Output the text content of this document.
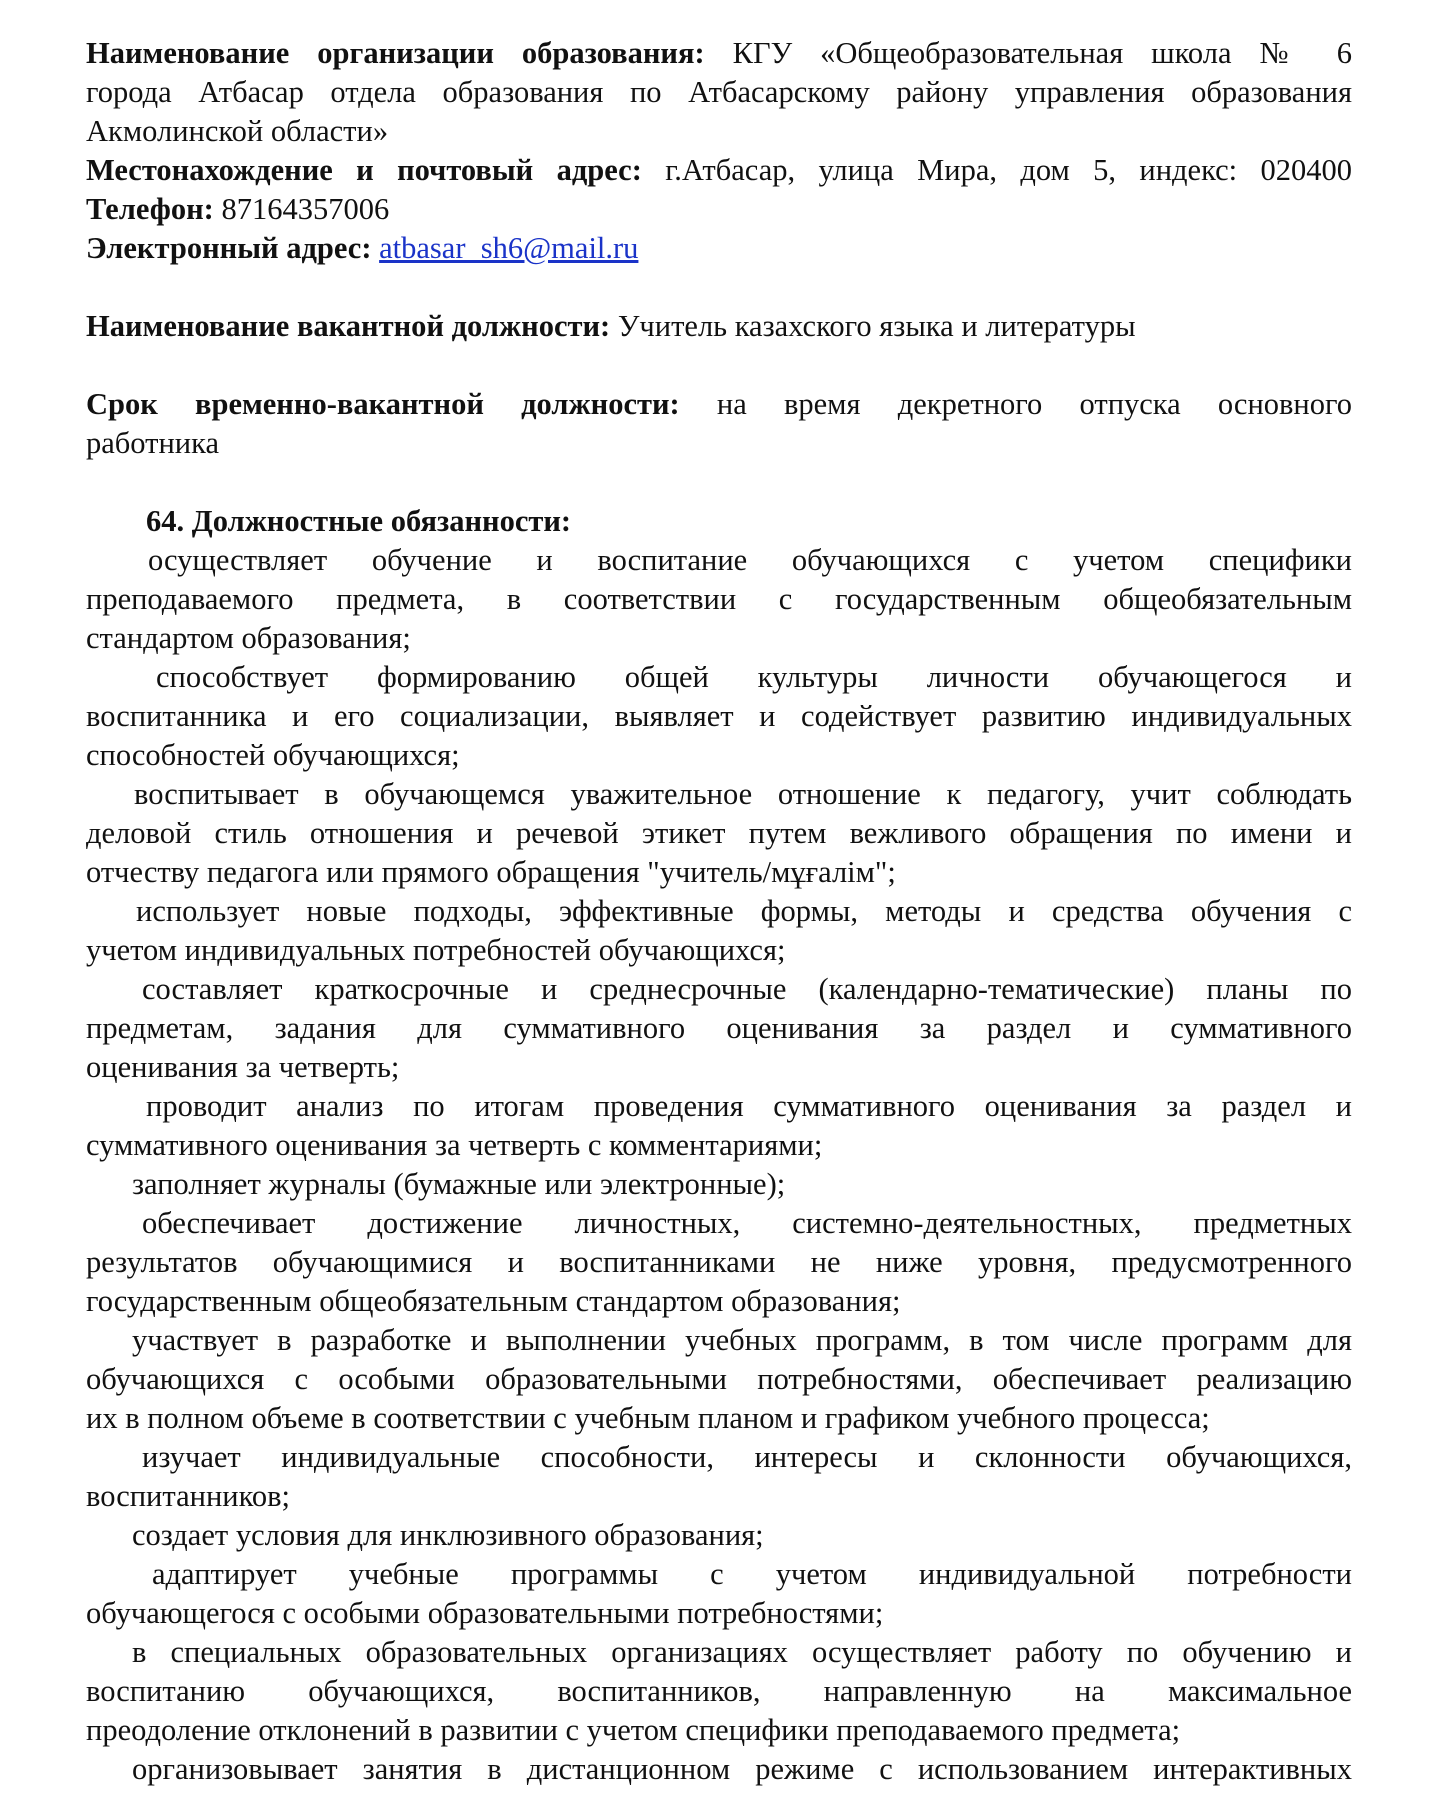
Наименование организации образования: КГУ «Общеобразовательная школа № 6
города Атбасар отдела образования по Атбасарскому району управления образования
Акмолинской области»
Местонахождение и почтовый адрес: г.Атбасар, улица Мира, дом 5, индекс: 020400
Телефон: 87164357006
Электронный адрес: atbasar_sh6@mail.ru
Наименование вакантной должности: Учитель казахского языка и литературы
Срок временно-вакантной должности: на время декретного отпуска основного
работника
64. Должностные обязанности:
осуществляет обучение и воспитание обучающихся с учетом специфики
преподаваемого предмета, в соответствии с государственным общеобязательным
стандартом образования;
способствует формированию общей культуры личности обучающегося и
воспитанника и его социализации, выявляет и содействует развитию индивидуальных
способностей обучающихся;
воспитывает в обучающемся уважительное отношение к педагогу, учит соблюдать
деловой стиль отношения и речевой этикет путем вежливого обращения по имени и
отчеству педагога или прямого обращения "учитель/мұғалім";
использует новые подходы, эффективные формы, методы и средства обучения с
учетом индивидуальных потребностей обучающихся;
составляет краткосрочные и среднесрочные (календарно-тематические) планы по
предметам, задания для суммативного оценивания за раздел и суммативного
оценивания за четверть;
проводит анализ по итогам проведения суммативного оценивания за раздел и
суммативного оценивания за четверть с комментариями;
заполняет журналы (бумажные или электронные);
обеспечивает достижение личностных, системно-деятельностных, предметных
результатов обучающимися и воспитанниками не ниже уровня, предусмотренного
государственным общеобязательным стандартом образования;
участвует в разработке и выполнении учебных программ, в том числе программ для
обучающихся с особыми образовательными потребностями, обеспечивает реализацию
их в полном объеме в соответствии с учебным планом и графиком учебного процесса;
изучает индивидуальные способности, интересы и склонности обучающихся,
воспитанников;
создает условия для инклюзивного образования;
адаптирует учебные программы с учетом индивидуальной потребности
обучающегося с особыми образовательными потребностями;
в специальных образовательных организациях осуществляет работу по обучению и
воспитанию обучающихся, воспитанников, направленную на максимальное
преодоление отклонений в развитии с учетом специфики преподаваемого предмета;
организовывает занятия в дистанционном режиме с использованием интерактивных
